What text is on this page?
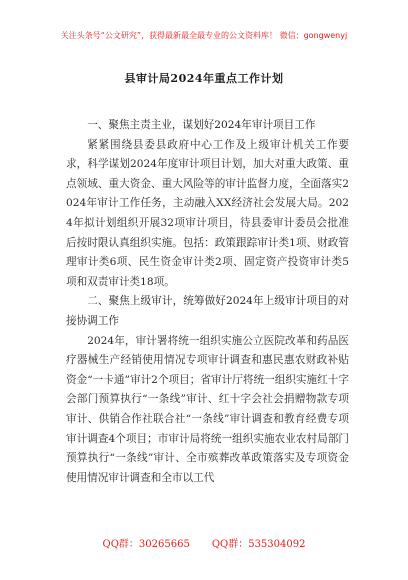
关注头条号“公文研究”，获得最新最全最专业的公文资料库！ 微信：gongwenyj
县审计局2024年重点工作计划

一、聚焦主责主业，谋划好2024年审计项目工作

紧紧围绕县委县政府中心工作及上级审计机关工作要求，科学谋划2024年度审计项目计划，加大对重大政策、重点领域、重大资金、重大风险等的审计监督力度，全面落实2024年审计工作任务，主动融入XX经济社会发展大局。2024年拟计划组织开展32项审计项目，待县委审计委员会批准后按时限认真组织实施。包括：政策跟踪审计类1项、财政管理审计类6项、民生资金审计类2项、固定资产投资审计类5项和双责审计类18项。

二、聚焦上级审计，统筹做好2024年上级审计项目的对接协调工作

2024年，审计署将统一组织实施公立医院改革和药品医疗器械生产经销使用情况专项审计调查和惠民惠农财政补贴资金“一卡通”审计2个项目；省审计厅将统一组织实施红十字会部门预算执行“一条线”审计、红十字会社会捐赠物款专项审计、供销合作社联合社“一条线”审计调查和教育经费专项审计调查4个项目；市审计局将统一组织实施农业农村局部门预算执行“一条线”审计、全市殡葬改革政策落实及专项资金使用情况审计调查和全市以工代

QQ群：30265665 QQ群：535304092
